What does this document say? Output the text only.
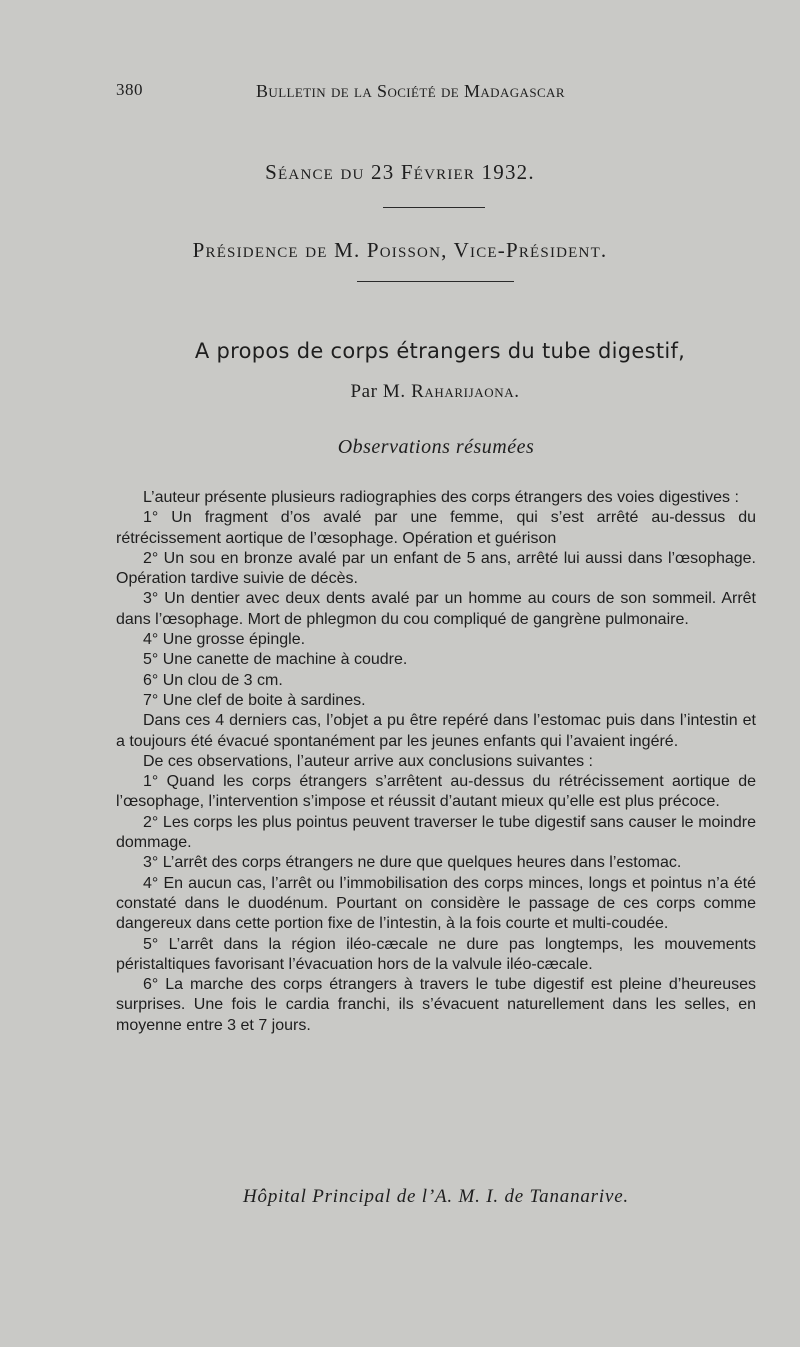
380	Bulletin de la Société de Madagascar
Séance du 23 Février 1932.
Présidence de M. Poisson, Vice-Président.
A propos de corps étrangers du tube digestif,
Par M. Raharijaona.
Observations résumées

L’auteur présente plusieurs radiographies des corps étrangers des voies digestives :

1° Un fragment d’os avalé par une femme, qui s’est arrêté au-dessus du rétrécissement aortique de l’œsophage. Opération et guérison

2° Un sou en bronze avalé par un enfant de 5 ans, arrêté lui aussi dans l’œsophage. Opération tardive suivie de décès.

3° Un dentier avec deux dents avalé par un homme au cours de son sommeil. Arrêt dans l’œsophage. Mort de phlegmon du cou compliqué de gangrène pulmonaire.

4° Une grosse épingle.

5° Une canette de machine à coudre.

6° Un clou de 3 cm.

7° Une clef de boite à sardines.

Dans ces 4 derniers cas, l’objet a pu être repéré dans l’estomac puis dans l’intestin et a toujours été évacué spontanément par les jeunes enfants qui l’avaient ingéré.

De ces observations, l’auteur arrive aux conclusions suivantes :

1° Quand les corps étrangers s’arrêtent au-dessus du rétrécissement aortique de l’œsophage, l’intervention s’impose et réussit d’autant mieux qu’elle est plus précoce.

2° Les corps les plus pointus peuvent traverser le tube digestif sans causer le moindre dommage.

3° L’arrêt des corps étrangers ne dure que quelques heures dans l’estomac.

4° En aucun cas, l’arrêt ou l’immobilisation des corps minces, longs et pointus n’a été constaté dans le duodénum. Pourtant on considère le passage de ces corps comme dangereux dans cette portion fixe de l’intestin, à la fois courte et multi-coudée.

5° L’arrêt dans la région iléo-cæcale ne dure pas longtemps, les mouvements péristaltiques favorisant l’évacuation hors de la valvule iléo-cæcale.

6° La marche des corps étrangers à travers le tube digestif est pleine d’heureuses surprises. Une fois le cardia franchi, ils s’évacuent naturellement dans les selles, en moyenne entre 3 et 7 jours.

Hôpital Principal de l’A. M. I. de Tananarive.
